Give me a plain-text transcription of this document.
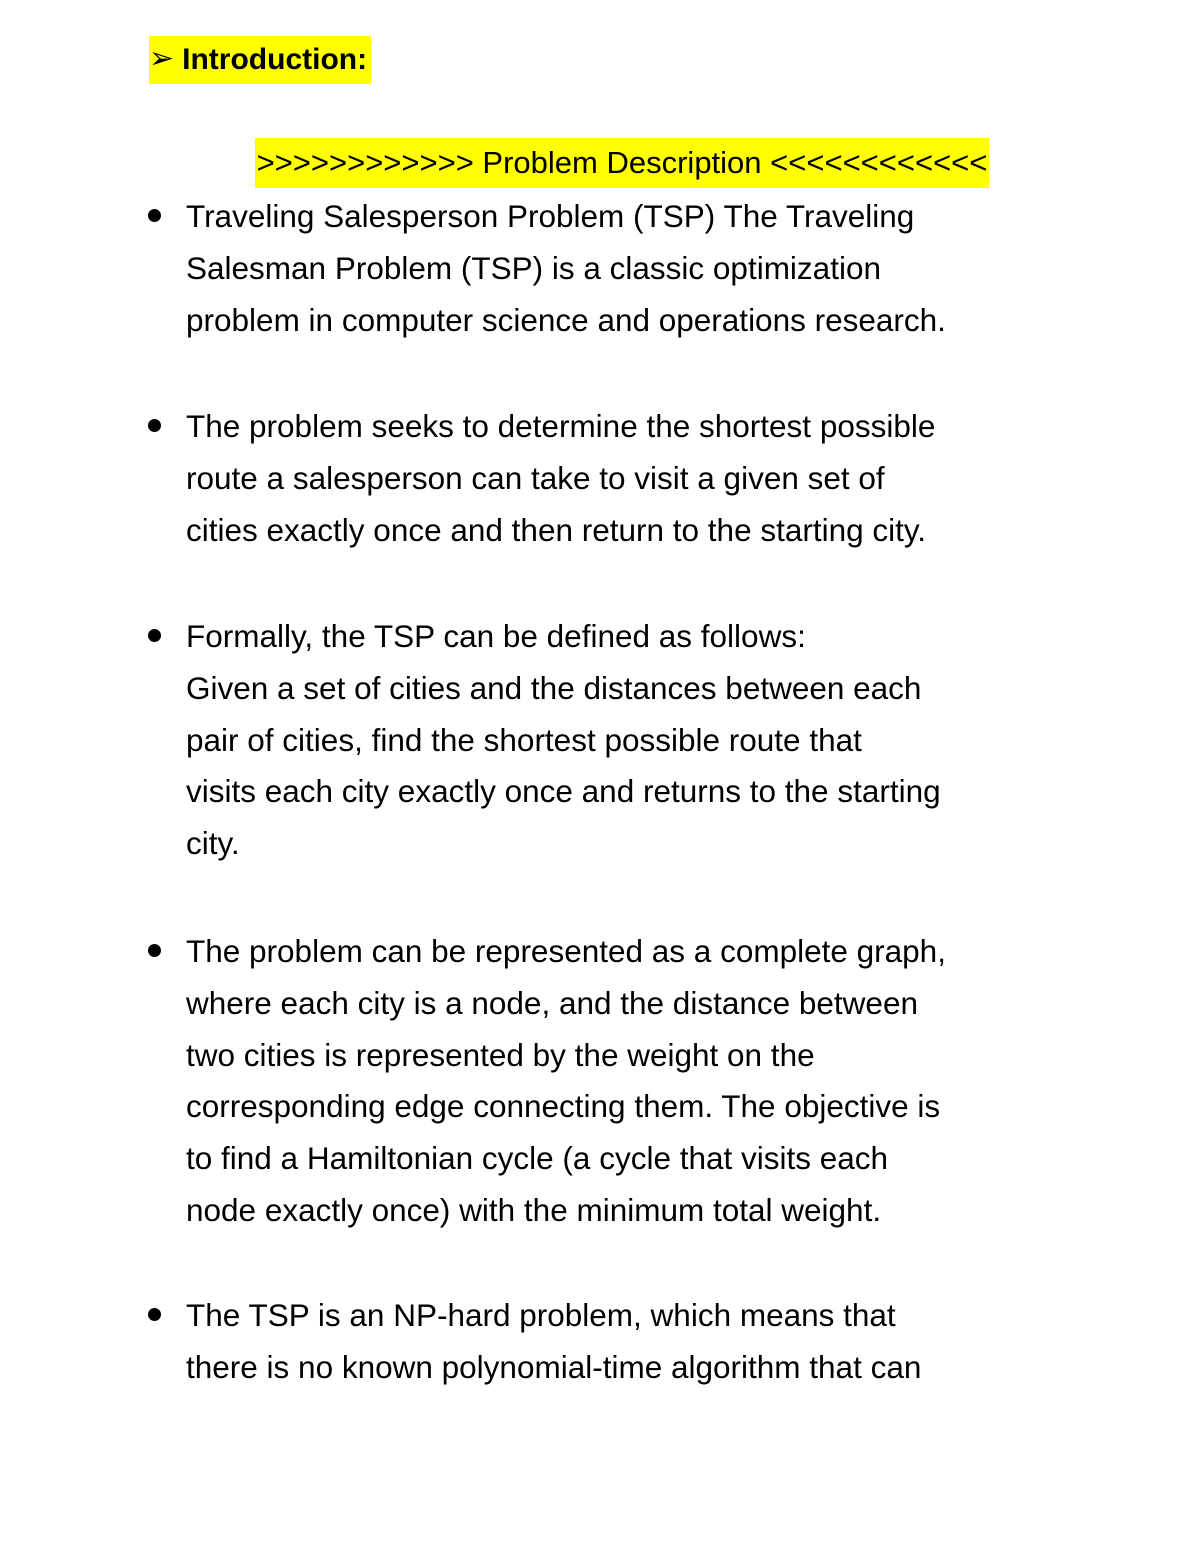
➢ Introduction:
>>>>>>>>>>>> Problem Description <<<<<<<<<<<<
Traveling Salesperson Problem (TSP) The Traveling
Salesman Problem (TSP) is a classic optimization
problem in computer science and operations research.
The problem seeks to determine the shortest possible
route a salesperson can take to visit a given set of
cities exactly once and then return to the starting city.
Formally, the TSP can be defined as follows:
Given a set of cities and the distances between each
pair of cities, find the shortest possible route that
visits each city exactly once and returns to the starting
city.
The problem can be represented as a complete graph,
where each city is a node, and the distance between
two cities is represented by the weight on the
corresponding edge connecting them. The objective is
to find a Hamiltonian cycle (a cycle that visits each
node exactly once) with the minimum total weight.
The TSP is an NP-hard problem, which means that
there is no known polynomial-time algorithm that can
